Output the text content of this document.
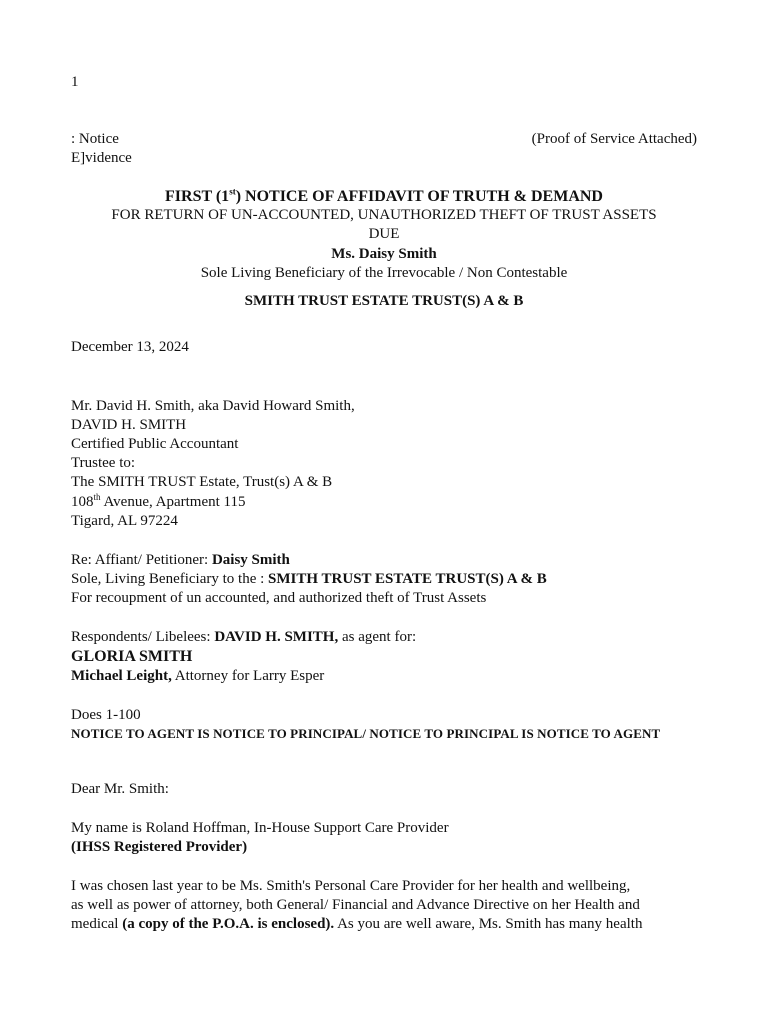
1
: Notice	(Proof of Service Attached)
E]vidence
FIRST (1st) NOTICE OF AFFIDAVIT OF TRUTH & DEMAND
FOR RETURN OF UN-ACCOUNTED, UNAUTHORIZED THEFT OF TRUST ASSETS
DUE
Ms. Daisy Smith
Sole Living Beneficiary of the Irrevocable / Non Contestable
SMITH TRUST ESTATE TRUST(S) A & B
December 13, 2024
Mr. David H. Smith, aka David Howard Smith,
DAVID H. SMITH
Certified Public Accountant
Trustee to:
The SMITH TRUST Estate, Trust(s) A & B
108th Avenue, Apartment 115
Tigard, AL 97224
Re: Affiant/ Petitioner: Daisy Smith
Sole, Living Beneficiary to the : SMITH TRUST ESTATE TRUST(S) A & B
For recoupment of un accounted, and authorized theft of Trust Assets
Respondents/ Libelees: DAVID H. SMITH, as agent for:
GLORIA SMITH
Michael Leight, Attorney for Larry Esper
Does 1-100
NOTICE TO AGENT IS NOTICE TO PRINCIPAL/ NOTICE TO PRINCIPAL IS NOTICE TO AGENT
Dear Mr. Smith:
My name is Roland Hoffman, In-House Support Care Provider
(IHSS Registered Provider)
I was chosen last year to be Ms. Smith's Personal Care Provider for her health and wellbeing,
as well as power of attorney, both General/ Financial and Advance Directive on her Health and
medical (a copy of the P.O.A. is enclosed). As you are well aware, Ms. Smith has many health
